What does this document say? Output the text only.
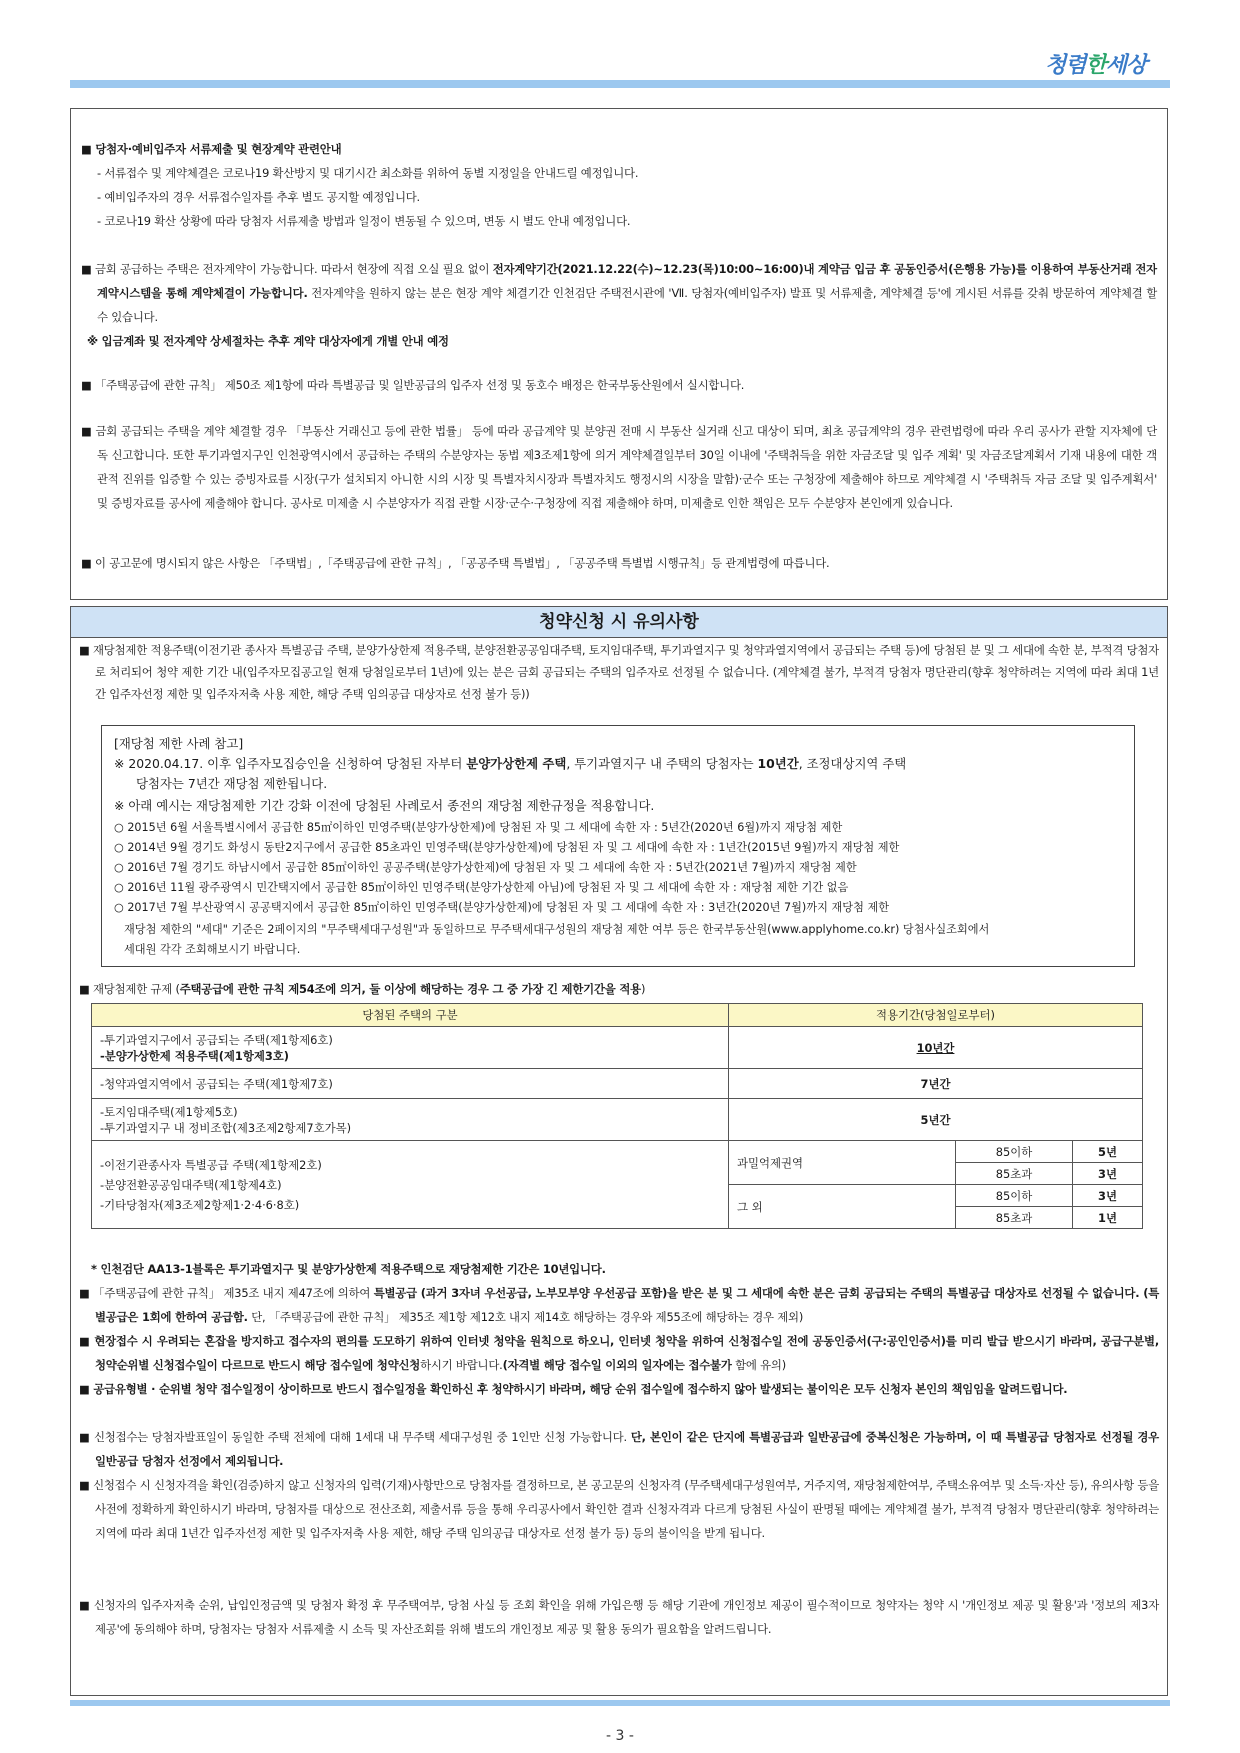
청렴한세상
■ 당첨자·예비입주자 서류제출 및 현장계약 관련안내
- 서류접수 및 계약체결은 코로나19 확산방지 및 대기시간 최소화를 위하여 동별 지정일을 안내드릴 예정입니다.
- 예비입주자의 경우 서류접수일자를 추후 별도 공지할 예정입니다.
- 코로나19 확산 상황에 따라 당첨자 서류제출 방법과 일정이 변동될 수 있으며, 변동 시 별도 안내 예정입니다.
■ 금회 공급하는 주택은 전자계약이 가능합니다. 따라서 현장에 직접 오실 필요 없이 전자계약기간(2021.12.22(수)~12.23(목)10:00~16:00)내 계약금 입금 후 공동인증서(은행용 가능)를 이용하여 부동산거래 전자계약시스템을 통해 계약체결이 가능합니다. 전자계약을 원하지 않는 분은 현장 계약 체결기간 인천검단 주택전시관에 'Ⅶ. 당첨자(예비입주자) 발표 및 서류제출, 계약체결 등'에 게시된 서류를 갖춰 방문하여 계약체결 할 수 있습니다.
※ 입금계좌 및 전자계약 상세절차는 추후 계약 대상자에게 개별 안내 예정
■ 「주택공급에 관한 규칙」 제50조 제1항에 따라 특별공급 및 일반공급의 입주자 선정 및 동호수 배정은 한국부동산원에서 실시합니다.
■ 금회 공급되는 주택을 계약 체결할 경우 「부동산 거래신고 등에 관한 법률」 등에 따라 공급계약 및 분양권 전매 시 부동산 실거래 신고 대상이 되며, 최초 공급계약의 경우 관련법령에 따라 우리 공사가 관할 지자체에 단독 신고합니다. 또한 투기과열지구인 인천광역시에서 공급하는 주택의 수분양자는 동법 제3조제1항에 의거 계약체결일부터 30일 이내에 '주택취득을 위한 자금조달 및 입주 계획' 및 자금조달계획서 기재 내용에 대한 객관적 진위를 입증할 수 있는 증빙자료를 시장(구가 설치되지 아니한 시의 시장 및 특별자치시장과 특별자치도 행정시의 시장을 말함)·군수 또는 구청장에 제출해야 하므로 계약체결 시 '주택취득 자금 조달 및 입주계획서' 및 증빙자료를 공사에 제출해야 합니다. 공사로 미제출 시 수분양자가 직접 관할 시장·군수·구청장에 직접 제출해야 하며, 미제출로 인한 책임은 모두 수분양자 본인에게 있습니다.
■ 이 공고문에 명시되지 않은 사항은 「주택법」,「주택공급에 관한 규칙」, 「공공주택 특별법」, 「공공주택 특별법 시행규칙」등 관계법령에 따릅니다.
청약신청 시 유의사항
■ 재당첨제한 적용주택(이전기관 종사자 특별공급 주택, 분양가상한제 적용주택, 분양전환공공임대주택, 토지임대주택, 투기과열지구 및 청약과열지역에서 공급되는 주택 등)에 당첨된 분 및 그 세대에 속한 분, 부적격 당첨자로 처리되어 청약 제한 기간 내(입주자모집공고일 현재 당첨일로부터 1년)에 있는 분은 금회 공급되는 주택의 입주자로 선정될 수 없습니다. (계약체결 불가, 부적격 당첨자 명단관리(향후 청약하려는 지역에 따라 최대 1년간 입주자선정 제한 및 입주자저축 사용 제한, 해당 주택 임의공급 대상자로 선정 불가 등))
[재당첨 제한 사례 참고]
※ 2020.04.17. 이후 입주자모집승인을 신청하여 당첨된 자부터 분양가상한제 주택, 투기과열지구 내 주택의 당첨자는 10년간, 조정대상지역 주택
당첨자는 7년간 재당첨 제한됩니다.
※ 아래 예시는 재당첨제한 기간 강화 이전에 당첨된 사례로서 종전의 재당첨 제한규정을 적용합니다.
○ 2015년 6월 서울특별시에서 공급한 85㎡이하인 민영주택(분양가상한제)에 당첨된 자 및 그 세대에 속한 자 : 5년간(2020년 6월)까지 재당첨 제한
○ 2014년 9월 경기도 화성시 동탄2지구에서 공급한 85초과인 민영주택(분양가상한제)에 당첨된 자 및 그 세대에 속한 자 : 1년간(2015년 9월)까지 재당첨 제한
○ 2016년 7월 경기도 하남시에서 공급한 85㎡이하인 공공주택(분양가상한제)에 당첨된 자 및 그 세대에 속한 자 : 5년간(2021년 7월)까지 재당첨 제한
○ 2016년 11월 광주광역시 민간택지에서 공급한 85㎡이하인 민영주택(분양가상한제 아님)에 당첨된 자 및 그 세대에 속한 자 : 재당첨 제한 기간 없음
○ 2017년 7월 부산광역시 공공택지에서 공급한 85㎡이하인 민영주택(분양가상한제)에 당첨된 자 및 그 세대에 속한 자 : 3년간(2020년 7월)까지 재당첨 제한
재당첨 제한의 "세대" 기준은 2페이지의 "무주택세대구성원"과 동일하므로 무주택세대구성원의 재당첨 제한 여부 등은 한국부동산원(www.applyhome.co.kr) 당첨사실조회에서
세대원 각각 조회해보시기 바랍니다.
■ 재당첨제한 규제 (주택공급에 관한 규칙 제54조에 의거, 둘 이상에 해당하는 경우 그 중 가장 긴 제한기간을 적용)
당첨된 주택의 구분	적용기간(당첨일로부터)		

-투기과열지구에서 공급되는 주택(제1항제6호)
-분양가상한제 적용주택(제1항제3호)	10년간		
-청약과열지역에서 공급되는 주택(제1항제7호)	7년간		

-토지임대주택(제1항제5호)
-투기과열지구 내 정비조합(제3조제2항제7호가목)	5년간		

-이전기관종사자 특별공급 주택(제1항제2호)
-분양전환공공임대주택(제1항제4호)
-기타당첨자(제3조제2항제1·2·4·6·8호)	과밀억제권역	85이하	5년
		85초과	3년
	그 외	85이하	3년
		85초과	1년
* 인천검단 AA13-1블록은 투기과열지구 및 분양가상한제 적용주택으로 재당첨제한 기간은 10년입니다.
■ 「주택공급에 관한 규칙」 제35조 내지 제47조에 의하여 특별공급 (과거 3자녀 우선공급, 노부모부양 우선공급 포함)을 받은 분 및 그 세대에 속한 분은 금회 공급되는 주택의 특별공급 대상자로 선정될 수 없습니다. (특별공급은 1회에 한하여 공급함. 단, 「주택공급에 관한 규칙」 제35조 제1항 제12호 내지 제14호 해당하는 경우와 제55조에 해당하는 경우 제외)
■ 현장접수 시 우려되는 혼잡을 방지하고 접수자의 편의를 도모하기 위하여 인터넷 청약을 원칙으로 하오니, 인터넷 청약을 위하여 신청접수일 전에 공동인증서(구:공인인증서)를 미리 발급 받으시기 바라며, 공급구분별, 청약순위별 신청접수일이 다르므로 반드시 해당 접수일에 청약신청하시기 바랍니다.(자격별 해당 접수일 이외의 일자에는 접수불가 함에 유의)
■ 공급유형별 · 순위별 청약 접수일정이 상이하므로 반드시 접수일정을 확인하신 후 청약하시기 바라며, 해당 순위 접수일에 접수하지 않아 발생되는 불이익은 모두 신청자 본인의 책임임을 알려드립니다.
■ 신청접수는 당첨자발표일이 동일한 주택 전체에 대해 1세대 내 무주택 세대구성원 중 1인만 신청 가능합니다. 단, 본인이 같은 단지에 특별공급과 일반공급에 중복신청은 가능하며, 이 때 특별공급 당첨자로 선정될 경우 일반공급 당첨자 선정에서 제외됩니다.
■ 신청접수 시 신청자격을 확인(검증)하지 않고 신청자의 입력(기재)사항만으로 당첨자를 결정하므로, 본 공고문의 신청자격 (무주택세대구성원여부, 거주지역, 재당첨제한여부, 주택소유여부 및 소득·자산 등), 유의사항 등을 사전에 정확하게 확인하시기 바라며, 당첨자를 대상으로 전산조회, 제출서류 등을 통해 우리공사에서 확인한 결과 신청자격과 다르게 당첨된 사실이 판명될 때에는 계약체결 불가, 부적격 당첨자 명단관리(향후 청약하려는 지역에 따라 최대 1년간 입주자선정 제한 및 입주자저축 사용 제한, 해당 주택 임의공급 대상자로 선정 불가 등) 등의 불이익을 받게 됩니다.
■ 신청자의 입주자저축 순위, 납입인정금액 및 당첨자 확정 후 무주택여부, 당첨 사실 등 조회 확인을 위해 가입은행 등 해당 기관에 개인정보 제공이 필수적이므로 청약자는 청약 시 '개인정보 제공 및 활용'과 '정보의 제3자 제공'에 동의해야 하며, 당첨자는 당첨자 서류제출 시 소득 및 자산조회를 위해 별도의 개인정보 제공 및 활용 동의가 필요함을 알려드립니다.
- 3 -
